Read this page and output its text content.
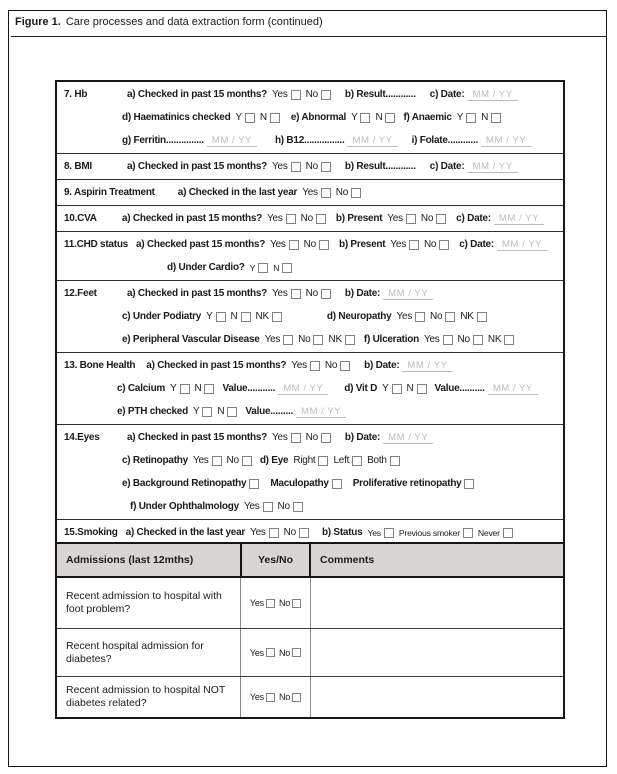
Figure 1. Care processes and data extraction form (continued)
7. Hb	a) Checked in past 15 months? Yes No	b) Result............ c) Date: MM / YY
d) Haematinics checked Y N e) Abnormal Y N f) Anaemic Y N
g) Ferritin............... MM / YY	h) B12................ MM / YY	i) Folate............ MM / YY
8. BMI	a) Checked in past 15 months? Yes No	b) Result............ c) Date: MM / YY
9. Aspirin Treatment a) Checked in the last year Yes No
10.CVA	a) Checked in past 15 months? Yes No b) Present Yes No c) Date: MM / YY
11.CHD status a) Checked past 15 months? Yes No b) Present Yes No c) Date: MM / YY
d) Under Cardio? Y N
12.Feet	a) Checked in past 15 months? Yes No	b) Date: MM / YY
c) Under Podiatry Y N NK	d) Neuropathy Yes No NK
e) Peripheral Vascular Disease Yes No NK f) Ulceration Yes No NK
13. Bone Health a) Checked in past 15 months? Yes No	b) Date: MM / YY
c) Calcium Y N Value........... MM / YY	d) Vit D Y N Value.......... MM / YY
e) PTH checked Y N Value......... MM / YY
14.Eyes	a) Checked in past 15 months? Yes No	b) Date: MM / YY
c) Retinopathy Yes No d) Eye Right Left Both
e) Background Retinopathy Maculopathy Proliferative retinopathy
f) Under Ophthalmology Yes No
15.Smoking a) Checked in the last year Yes No	b) Status Yes Previous smoker Never
Admissions (last 12mths)	Yes/No	Comments
Recent admission to hospital with foot problem?	Yes No
Recent hospital admission for diabetes?	Yes No
Recent admission to hospital NOT diabetes related?	Yes No
